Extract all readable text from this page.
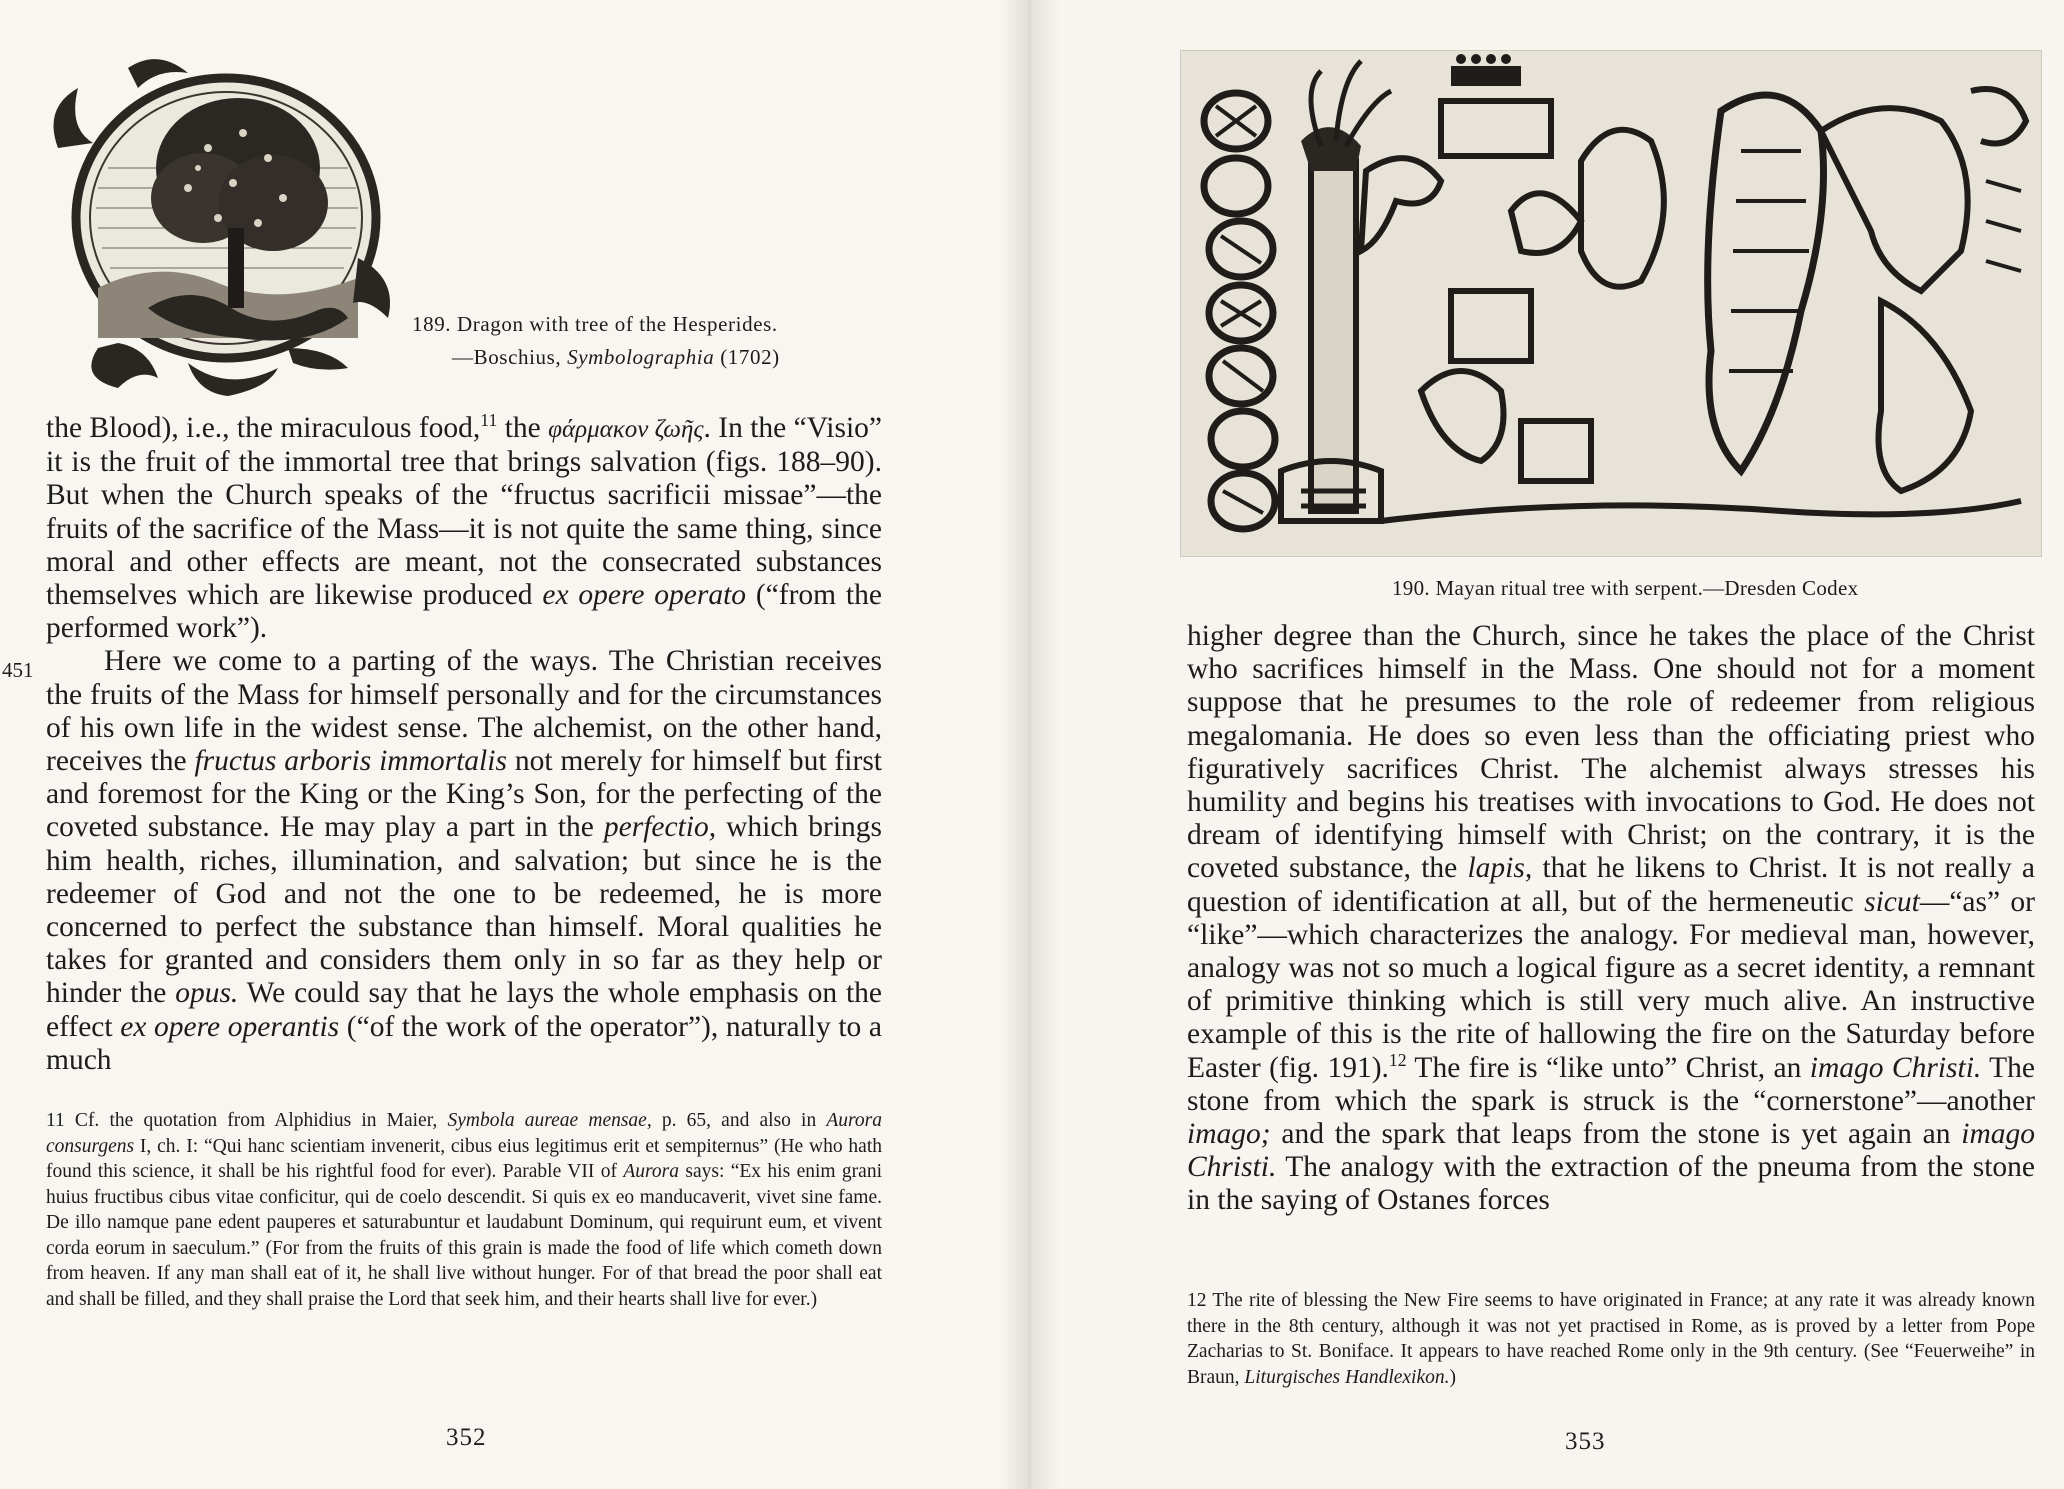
189. Dragon with tree of the Hesperides.
—Boschius, Symbolographia (1702)

the Blood), i.e., the miraculous food,$^{11}$ the φάρμακον ζωῆς. In the “Visio” it is the fruit of the immortal tree that brings salvation (figs. 188–90). But when the Church speaks of the “fructus sacrificii missae”—the fruits of the sacrifice of the Mass—it is not quite the same thing, since moral and other effects are meant, not the consecrated substances themselves which are likewise produced ex opere operato (“from the performed work”).

Here we come to a parting of the ways. The Christian receives the fruits of the Mass for himself personally and for the circumstances of his own life in the widest sense. The alchemist, on the other hand, receives the fructus arboris immortalis not merely for himself but first and foremost for the King or the King’s Son, for the perfecting of the coveted substance. He may play a part in the perfectio, which brings him health, riches, illumination, and salvation; but since he is the redeemer of God and not the one to be redeemed, he is more concerned to perfect the substance than himself. Moral qualities he takes for granted and considers them only in so far as they help or hinder the opus. We could say that he lays the whole emphasis on the effect ex opere operantis (“of the work of the operator”), naturally to a much

451

11 Cf. the quotation from Alphidius in Maier, Symbola aureae mensae, p. 65, and also in Aurora consurgens I, ch. I: “Qui hanc scientiam invenerit, cibus eius legitimus erit et sempiternus” (He who hath found this science, it shall be his rightful food for ever). Parable VII of Aurora says: “Ex his enim grani huius fructibus cibus vitae conficitur, qui de coelo descendit. Si quis ex eo manducaverit, vivet sine fame. De illo namque pane edent pauperes et saturabuntur et laudabunt Dominum, qui requirunt eum, et vivent corda eorum in saeculum.” (For from the fruits of this grain is made the food of life which cometh down from heaven. If any man shall eat of it, he shall live without hunger. For of that bread the poor shall eat and shall be filled, and they shall praise the Lord that seek him, and their hearts shall live for ever.)

352
190. Mayan ritual tree with serpent.—Dresden Codex

higher degree than the Church, since he takes the place of the Christ who sacrifices himself in the Mass. One should not for a moment suppose that he presumes to the role of redeemer from religious megalomania. He does so even less than the officiating priest who figuratively sacrifices Christ. The alchemist always stresses his humility and begins his treatises with invocations to God. He does not dream of identifying himself with Christ; on the contrary, it is the coveted substance, the lapis, that he likens to Christ. It is not really a question of identification at all, but of the hermeneutic sicut—“as” or “like”—which characterizes the analogy. For medieval man, however, analogy was not so much a logical figure as a secret identity, a remnant of primitive thinking which is still very much alive. An instructive example of this is the rite of hallowing the fire on the Saturday before Easter (fig. 191).$^{12}$ The fire is “like unto” Christ, an imago Christi. The stone from which the spark is struck is the “cornerstone”—another imago; and the spark that leaps from the stone is yet again an imago Christi. The analogy with the extraction of the pneuma from the stone in the saying of Ostanes forces

12 The rite of blessing the New Fire seems to have originated in France; at any rate it was already known there in the 8th century, although it was not yet practised in Rome, as is proved by a letter from Pope Zacharias to St. Boniface. It appears to have reached Rome only in the 9th century. (See “Feuerweihe” in Braun, Liturgisches Handlexikon.)

353
